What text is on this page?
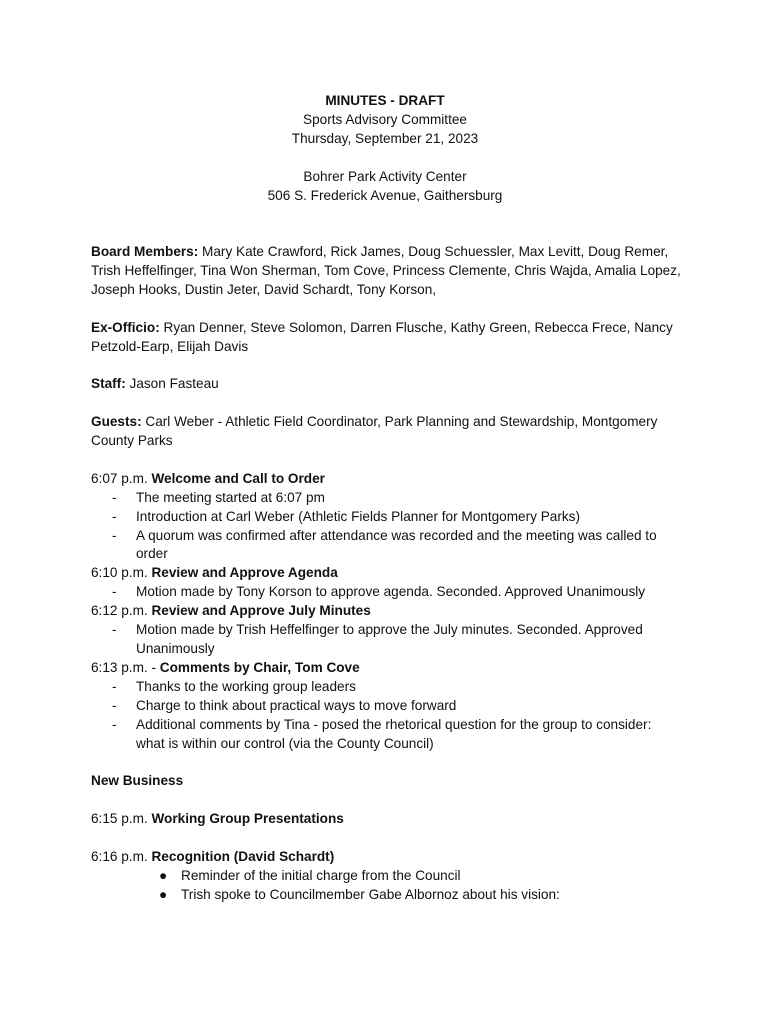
MINUTES - DRAFT

Sports Advisory Committee

Thursday, September 21, 2023

Bohrer Park Activity Center

506 S. Frederick Avenue, Gaithersburg

Board Members: Mary Kate Crawford, Rick James, Doug Schuessler, Max Levitt, Doug Remer, Trish Heffelfinger, Tina Won Sherman, Tom Cove, Princess Clemente, Chris Wajda, Amalia Lopez, Joseph Hooks, Dustin Jeter, David Schardt, Tony Korson,

Ex-Officio: Ryan Denner, Steve Solomon, Darren Flusche, Kathy Green, Rebecca Frece, Nancy Petzold-Earp, Elijah Davis

Staff: Jason Fasteau

Guests: Carl Weber - Athletic Field Coordinator, Park Planning and Stewardship, Montgomery County Parks

6:07 p.m. Welcome and Call to Order

- The meeting started at 6:07 pm
- Introduction at Carl Weber (Athletic Fields Planner for Montgomery Parks)
- A quorum was confirmed after attendance was recorded and the meeting was called to order

6:10 p.m. Review and Approve Agenda

- Motion made by Tony Korson to approve agenda. Seconded. Approved Unanimously

6:12 p.m. Review and Approve July Minutes

- Motion made by Trish Heffelfinger to approve the July minutes. Seconded. Approved Unanimously

6:13 p.m. - Comments by Chair, Tom Cove

- Thanks to the working group leaders
- Charge to think about practical ways to move forward
- Additional comments by Tina - posed the rhetorical question for the group to consider: what is within our control (via the County Council)

New Business

6:15 p.m. Working Group Presentations

6:16 p.m. Recognition (David Schardt)

● Reminder of the initial charge from the Council
● Trish spoke to Councilmember Gabe Albornoz about his vision:
